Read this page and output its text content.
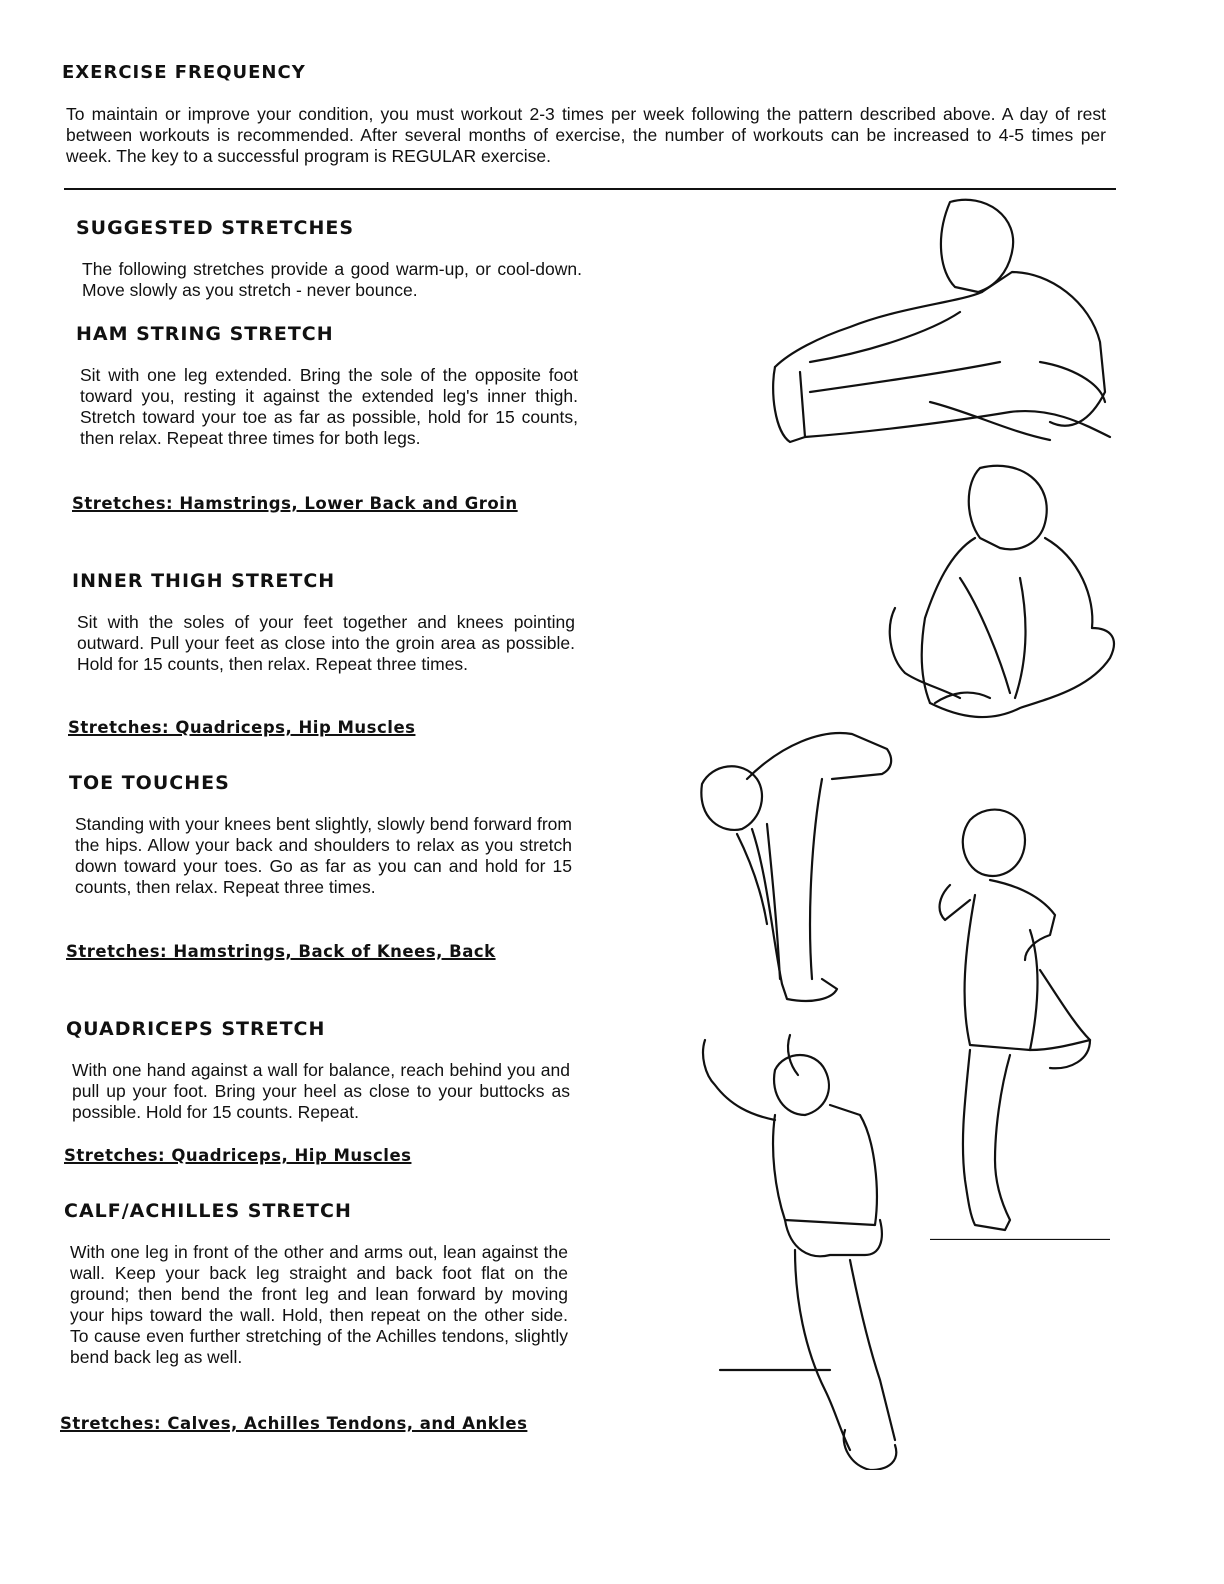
EXERCISE FREQUENCY

To maintain or improve your condition, you must workout 2-3 times per week following the pattern described above. A day of rest between workouts is recommended. After several months of exercise, the number of workouts can be increased to 4-5 times per week. The key to a successful program is REGULAR exercise.

SUGGESTED STRETCHES

The following stretches provide a good warm-up, or cool-down. Move slowly as you stretch - never bounce.

HAM STRING STRETCH

Sit with one leg extended. Bring the sole of the opposite foot toward you, resting it against the extended leg's inner thigh. Stretch toward your toe as far as possible, hold for 15 counts, then relax. Repeat three times for both legs.

Stretches: Hamstrings, Lower Back and Groin

INNER THIGH STRETCH

Sit with the soles of your feet together and knees pointing outward. Pull your feet as close into the groin area as possible. Hold for 15 counts, then relax. Repeat three times.

Stretches: Quadriceps, Hip Muscles

TOE TOUCHES

Standing with your knees bent slightly, slowly bend forward from the hips. Allow your back and shoulders to relax as you stretch down toward your toes. Go as far as you can and hold for 15 counts, then relax. Repeat three times.

Stretches: Hamstrings, Back of Knees, Back

QUADRICEPS STRETCH

With one hand against a wall for balance, reach behind you and pull up your foot. Bring your heel as close to your buttocks as possible. Hold for 15 counts. Repeat.

Stretches: Quadriceps, Hip Muscles

CALF/ACHILLES STRETCH

With one leg in front of the other and arms out, lean against the wall. Keep your back leg straight and back foot flat on the ground; then bend the front leg and lean forward by moving your hips toward the wall. Hold, then repeat on the other side. To cause even further stretching of the Achilles tendons, slightly bend back leg as well.

Stretches: Calves, Achilles Tendons, and Ankles
